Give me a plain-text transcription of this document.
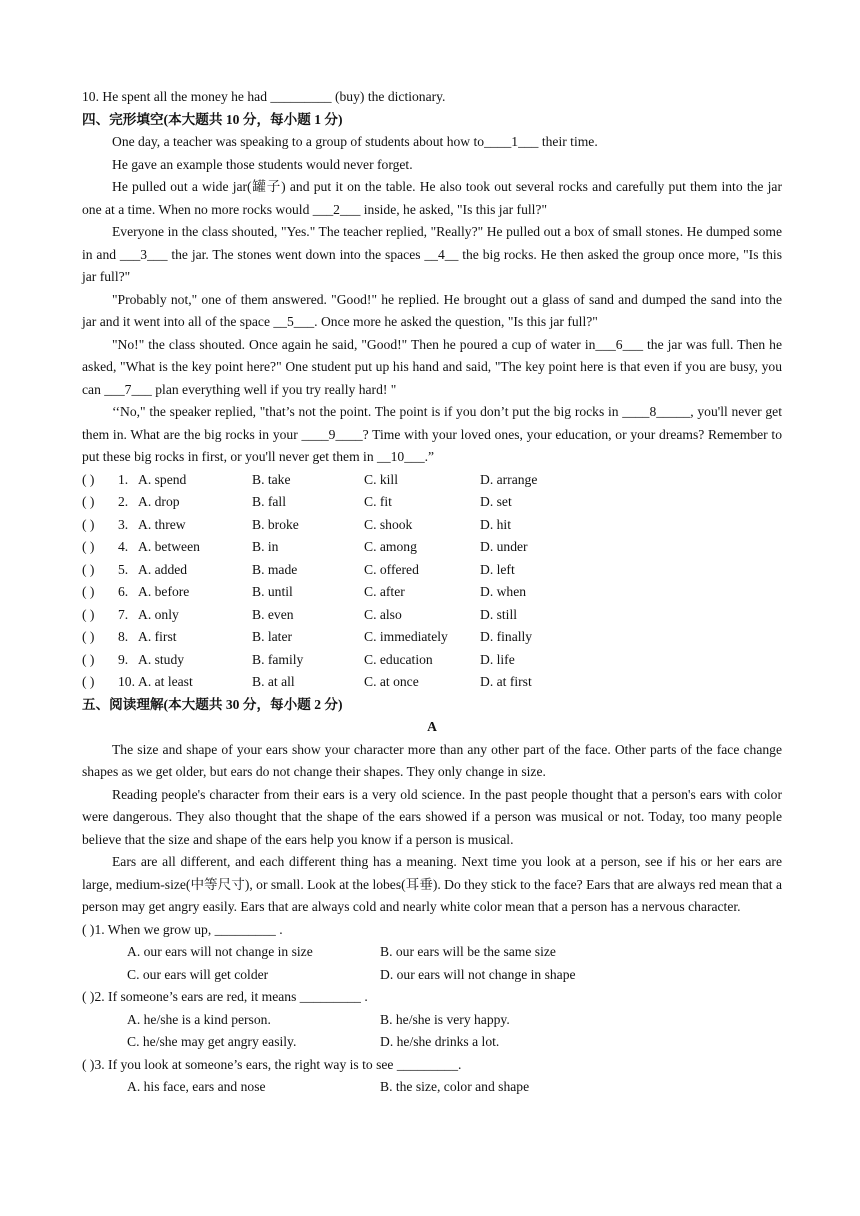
10. He spent all the money he had _________ (buy) the dictionary.
四、完形填空(本大题共 10 分，每小题 1 分)
One day, a teacher was speaking to a group of students about how to____1___ their time.
He gave an example those students would never forget.
He pulled out a wide jar(罐子) and put it on the table. He also took out several rocks and carefully put them into the jar one at a time. When no more rocks would ___2___ inside, he asked, "Is this jar full?"
Everyone in the class shouted, "Yes." The teacher replied, "Really?" He pulled out a box of small stones. He dumped some in and ___3___ the jar. The stones went down into the spaces __4__ the big rocks. He then asked the group once more, "Is this jar full?"
"Probably not," one of them answered. "Good!" he replied. He brought out a glass of sand and dumped the sand into the jar and it went into all of the space __5___. Once more he asked the question, "Is this jar full?"
"No!" the class shouted. Once again he said, "Good!" Then he poured a cup of water in___6___ the jar was full. Then he asked, "What is the key point here?" One student put up his hand and said, "The key point here is that even if you are busy, you can ___7___ plan everything well if you try really hard! "
‘‘No," the speaker replied, "that’s not the point. The point is if you don’t put the big rocks in ____8_____, you'll never get them in. What are the big rocks in your ____9____? Time with your loved ones, your education, or your dreams? Remember to put these big rocks in first, or you'll never get them in __10___.”
( )	1. A. spend	B. take	C. kill	D. arrange
( )	2. A. drop	B. fall	C. fit	D. set
( )	3. A. threw	B. broke	C. shook	D. hit
( )	4. A. between	B. in	C. among	D. under
( )	5. A. added	B. made	C. offered	D. left
( )	6. A. before	B. until	C. after	D. when
( )	7. A. only	B. even	C. also	D. still
( )	8. A. first	B. later	C. immediately	D. finally
( )	9. A. study	B. family	C. education	D. life
( )	10. A. at least	B. at all	C. at once	D. at first
五、阅读理解(本大题共 30 分，每小题 2 分)
A
The size and shape of your ears show your character more than any other part of the face. Other parts of the face change shapes as we get older, but ears do not change their shapes. They only change in size.
Reading people's character from their ears is a very old science. In the past people thought that a person's ears with color were dangerous. They also thought that the shape of the ears showed if a person was musical or not. Today, too many people believe that the size and shape of the ears help you know if a person is musical.
Ears are all different, and each different thing has a meaning. Next time you look at a person, see if his or her ears are large, medium-size(中等尺寸), or small. Look at the lobes(耳垂). Do they stick to the face? Ears that are always red mean that a person may get angry easily. Ears that are always cold and nearly white color mean that a person has a nervous character.
( )1. When we grow up, _________ .
A. our ears will not change in size	B. our ears will be the same size
C. our ears will get colder	D. our ears will not change in shape
( )2. If someone’s ears are red, it means _________ .
A. he/she is a kind person.	B. he/she is very happy.
C. he/she may get angry easily.	D. he/she drinks a lot.
( )3. If you look at someone’s ears, the right way is to see _________.
A. his face, ears and nose	B. the size, color and shape
